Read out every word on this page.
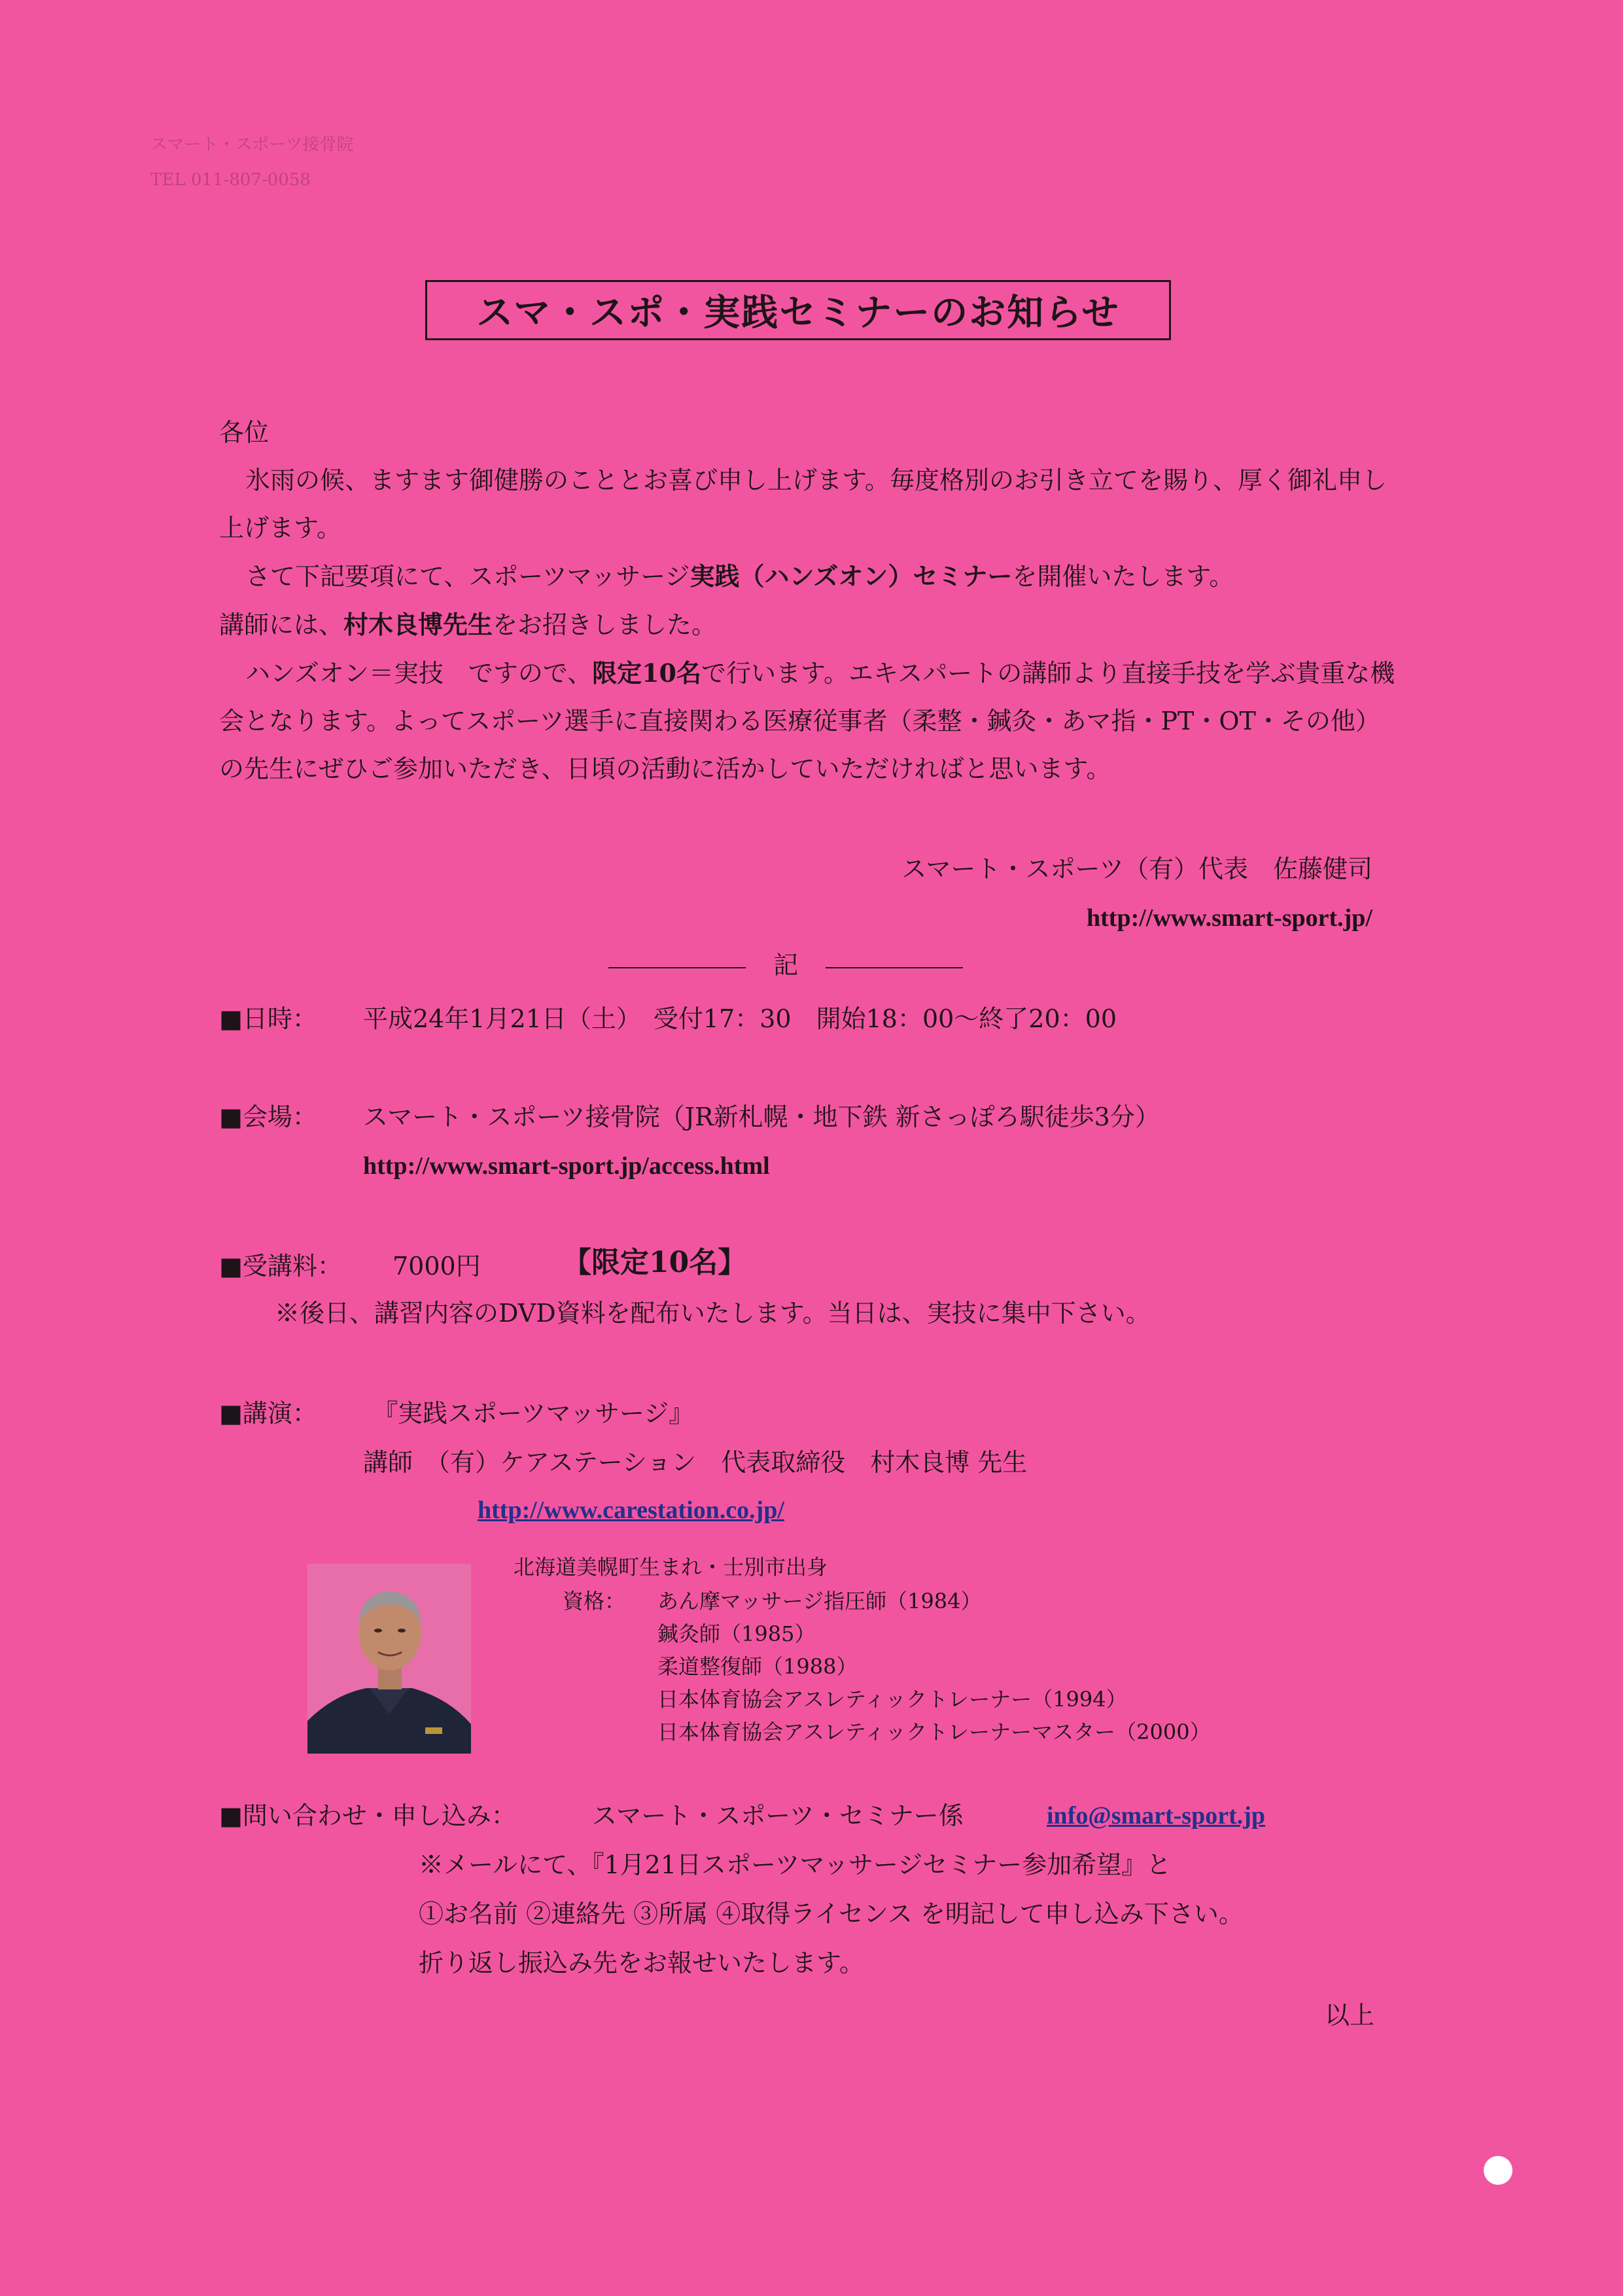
スマート・スポーツ接骨院
TEL 011-807-0058
スマ・スポ・実践セミナーのお知らせ

各位

氷雨の候、ますます御健勝のこととお喜び申し上げます。毎度格別のお引き立てを賜り、厚く御礼申し上げます。

さて下記要項にて、スポーツマッサージ実践（ハンズオン）セミナーを開催いたします。

講師には、村木良博先生をお招きしました。

ハンズオン＝実技　ですので、限定10名で行います。エキスパートの講師より直接手技を学ぶ貴重な機会となります。よってスポーツ選手に直接関わる医療従事者（柔整・鍼灸・あマ指・PT・OT・その他）の先生にぜひご参加いただき、日頃の活動に活かしていただければと思います。

スマート・スポーツ（有）代表　佐藤健司
http://www.smart-sport.jp/
記
■日時： 平成24年1月21日（土）　受付17：30　開始18：00〜終了20：00
■会場： スマート・スポーツ接骨院（JR新札幌・地下鉄 新さっぽろ駅徒歩3分）
http://www.smart-sport.jp/access.html
■受講料： 7000円	【限定10名】
※後日、講習内容のDVD資料を配布いたします。当日は、実技に集中下さい。
■講演： 『実践スポーツマッサージ』
講師　（有）ケアステーション　代表取締役　村木良博 先生
http://www.carestation.co.jp/
北海道美幌町生まれ・士別市出身
資格： あん摩マッサージ指圧師（1984）
鍼灸師（1985）
柔道整復師（1988）
日本体育協会アスレティックトレーナー（1994）
日本体育協会アスレティックトレーナーマスター（2000）
■問い合わせ・申し込み：	スマート・スポーツ・セミナー係	info@smart-sport.jp
※メールにて、『1月21日スポーツマッサージセミナー参加希望』と
①お名前 ②連絡先 ③所属 ④取得ライセンス を明記して申し込み下さい。
折り返し振込み先をお報せいたします。
以上
